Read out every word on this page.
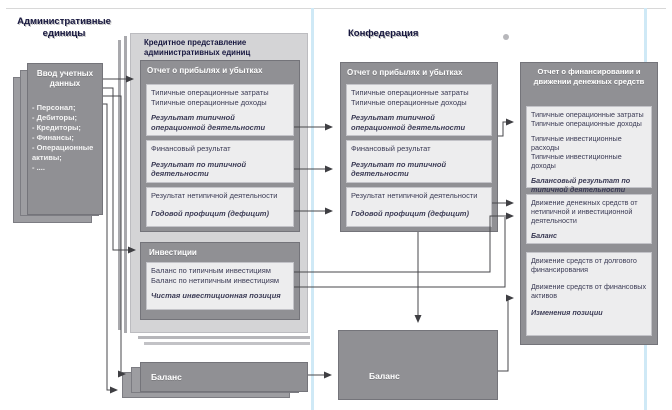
Административные единицы
Ввод учетных данных
- Персонал;
- Дебиторы;
- Кредиторы;
- Финансы;
- Операционные активы;
- ....
Кредитное представление административных единиц
Отчет о прибылях и убытках
Типичные операционные затраты
Типичные операционные доходы
Результат типичной операционной деятельности
Финансовый результат
Результат по типичной деятельности
Результат нетипичной деятельности
Годовой профицит (дефицит)
Инвестиции
Баланс по типичным инвестициям
Баланс по нетипичным инвестициям
Чистая инвестиционная позиция
Баланс
Конфедерация
Отчет о прибылях и убытках
Типичные операционные затраты
Типичные операционные доходы
Результат типичной операционной деятельности
Финансовый результат
Результат по типичной деятельности
Результат нетипичной деятельности
Годовой профицит (дефицит)
Баланс
Отчет о финансировании и движении денежных средств
Типичные операционные затраты
Типичные операционные доходы
Типичные инвестиционные расходы
Типичные инвестиционные доходы
Балансовый результат по типичной деятельности
Движение денежных средств от нетипичной и инвестиционной деятельности
Баланс
Движение средств от долгового финансирования
Движение средств от финансовых активов
Изменения позиции
